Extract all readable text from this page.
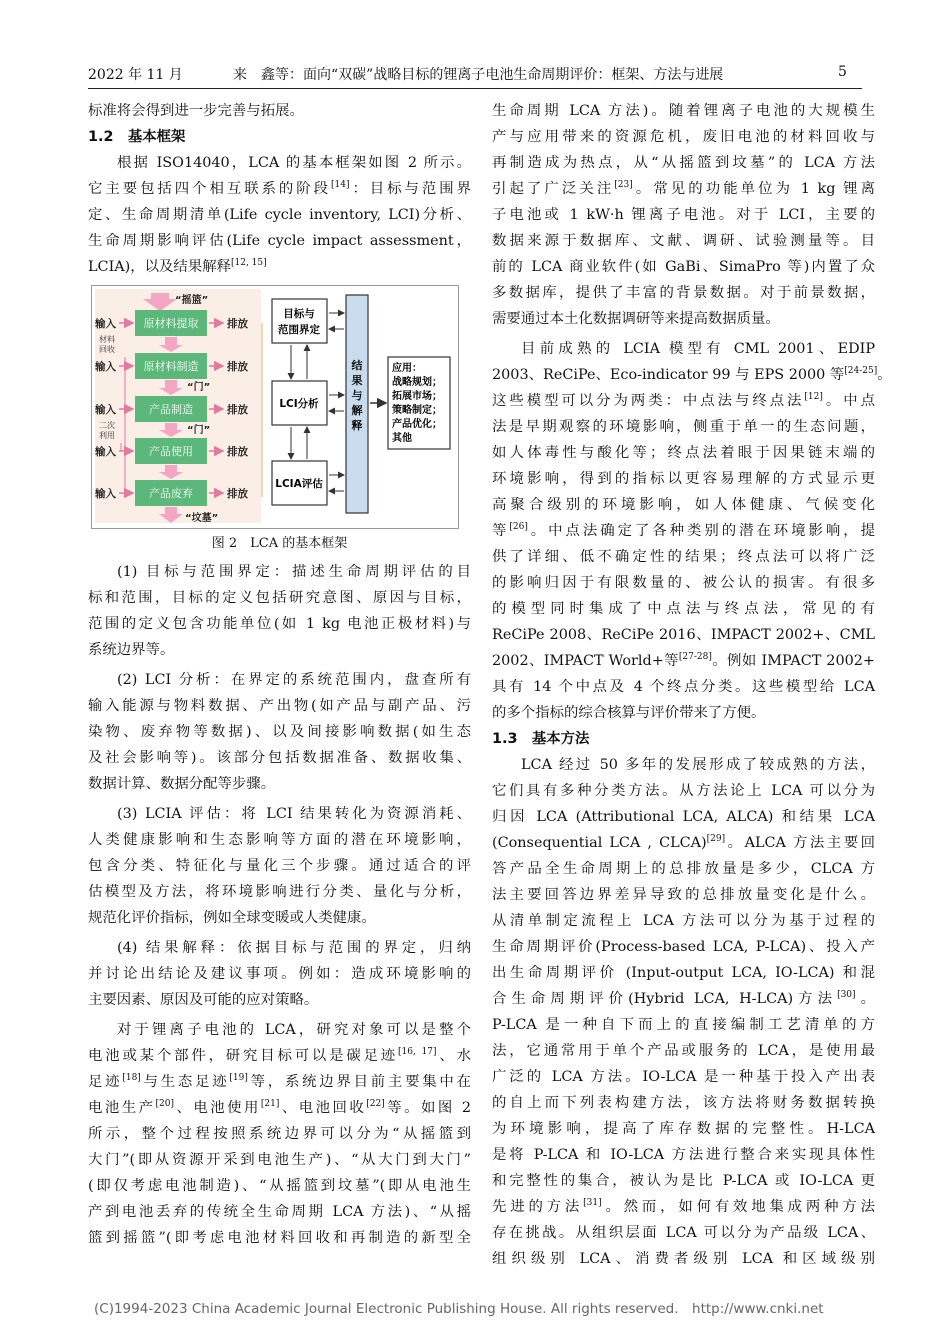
2022 年 11 月	来　鑫等：面向“双碳”战略目标的锂离子电池生命周期评价：框架、方法与进展	5
标准将会得到进一步完善与拓展。
1.2　基本框架
根据 ISO14040，LCA 的基本框架如图 2 所示。
它主要包括四个相互联系的阶段[14]：目标与范围界
定、生命周期清单(Life cycle inventory, LCI)分析、
生命周期影响评估(Life cycle impact assessment，
LCIA)，以及结果解释[12, 15]
“摇篮”
原材料提取
输入	排放
原材料制造
输入	排放
产品制造
输入	排放
产品使用
输入	排放
产品废弃
输入	排放
“坟墓”
“门”
“门”
材料
回收
二次
利用
目标与
范围界定
LCI分析
LCIA评估
结
果
与
解
释
应用：
战略规划；
拓展市场；
策略制定；
产品优化；
其他
图 2　LCA 的基本框架
(1) 目标与范围界定：描述生命周期评估的目
标和范围，目标的定义包括研究意图、原因与目标，
范围的定义包含功能单位(如 1 kg 电池正极材料)与
系统边界等。
(2) LCI 分析：在界定的系统范围内，盘查所有
输入能源与物料数据、产出物(如产品与副产品、污
染物、废弃物等数据)、以及间接影响数据(如生态
及社会影响等)。该部分包括数据准备、数据收集、
数据计算、数据分配等步骤。
(3) LCIA 评估：将 LCI 结果转化为资源消耗、
人类健康影响和生态影响等方面的潜在环境影响，
包含分类、特征化与量化三个步骤。通过适合的评
估模型及方法，将环境影响进行分类、量化与分析，
规范化评价指标，例如全球变暖或人类健康。
(4) 结果解释：依据目标与范围的界定，归纳
并讨论出结论及建议事项。例如：造成环境影响的
主要因素、原因及可能的应对策略。
对于锂离子电池的 LCA，研究对象可以是整个
电池或某个部件，研究目标可以是碳足迹[16, 17]、水
足迹[18]与生态足迹[19]等，系统边界目前主要集中在
电池生产[20]、电池使用[21]、电池回收[22]等。如图 2
所示，整个过程按照系统边界可以分为“从摇篮到
大门”(即从资源开采到电池生产)、“从大门到大门”
(即仅考虑电池制造)、“从摇篮到坟墓”(即从电池生
产到电池丢弃的传统全生命周期 LCA 方法)、“从摇
篮到摇篮”(即考虑电池材料回收和再制造的新型全
生命周期 LCA 方法)。随着锂离子电池的大规模生
产与应用带来的资源危机，废旧电池的材料回收与
再制造成为热点，从“从摇篮到坟墓”的 LCA 方法
引起了广泛关注[23]。常见的功能单位为 1 kg 锂离
子电池或 1 kW·h 锂离子电池。对于 LCI，主要的
数据来源于数据库、文献、调研、试验测量等。目
前的 LCA 商业软件(如 GaBi、SimaPro 等)内置了众
多数据库，提供了丰富的背景数据。对于前景数据，
需要通过本土化数据调研等来提高数据质量。
目前成熟的 LCIA 模型有 CML 2001、EDIP
2003、ReCiPe、Eco-indicator 99 与 EPS 2000 等[24-25]。
这些模型可以分为两类：中点法与终点法[12]。中点
法是早期观察的环境影响，侧重于单一的生态问题，
如人体毒性与酸化等；终点法着眼于因果链末端的
环境影响，得到的指标以更容易理解的方式显示更
高聚合级别的环境影响，如人体健康、气候变化
等[26]。中点法确定了各种类别的潜在环境影响，提
供了详细、低不确定性的结果；终点法可以将广泛
的影响归因于有限数量的、被公认的损害。有很多
的模型同时集成了中点法与终点法，常见的有
ReCiPe 2008、ReCiPe 2016、IMPACT 2002+、CML
2002、IMPACT World+等[27-28]。例如 IMPACT 2002+
具有 14 个中点及 4 个终点分类。这些模型给 LCA
的多个指标的综合核算与评价带来了方便。
1.3　基本方法
LCA 经过 50 多年的发展形成了较成熟的方法，
它们具有多种分类方法。从方法论上 LCA 可以分为
归因 LCA (Attributional LCA, ALCA) 和结果 LCA
(Consequential LCA , CLCA)[29]。ALCA 方法主要回
答产品全生命周期上的总排放量是多少，CLCA 方
法主要回答边界差异导致的总排放量变化是什么。
从清单制定流程上 LCA 方法可以分为基于过程的
生命周期评价(Process-based LCA, P-LCA)、投入产
出生命周期评价 (Input-output LCA, IO-LCA) 和混
合生命周期评价(Hybrid LCA, H-LCA)方法[30]。
P-LCA 是一种自下而上的直接编制工艺清单的方
法，它通常用于单个产品或服务的 LCA，是使用最
广泛的 LCA 方法。IO-LCA 是一种基于投入产出表
的自上而下列表构建方法，该方法将财务数据转换
为环境影响，提高了库存数据的完整性。H-LCA
是将 P-LCA 和 IO-LCA 方法进行整合来实现具体性
和完整性的集合，被认为是比 P-LCA 或 IO-LCA 更
先进的方法[31]。然而，如何有效地集成两种方法
存在挑战。从组织层面 LCA 可以分为产品级 LCA、
组织级别 LCA、消费者级别 LCA 和区域级别
(C)1994-2023 China Academic Journal Electronic Publishing House. All rights reserved.　http://www.cnki.net
